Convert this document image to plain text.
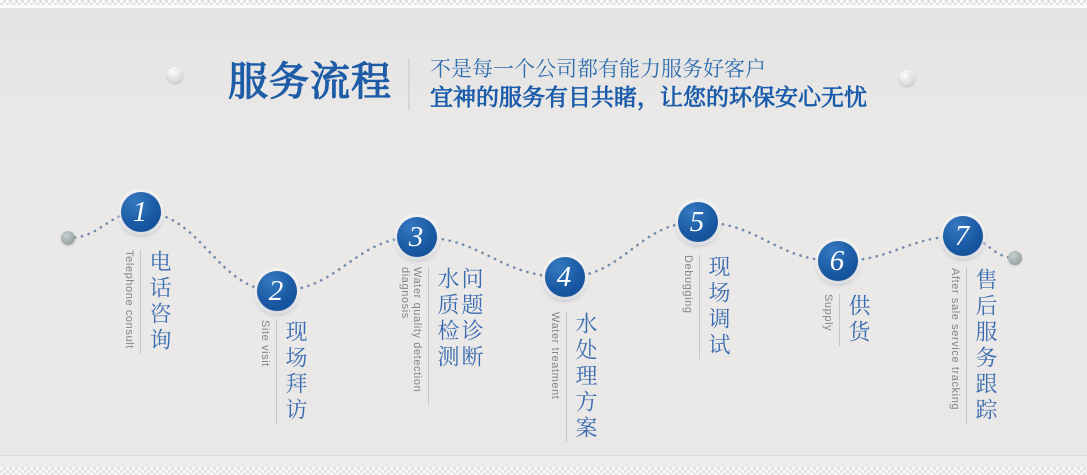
服务流程 不是每一个公司都有能力服务好客户
宜神的服务有目共睹，让您的环保安心无忧
1
2
3
4
5
6
7
Telephone consult 电话咨询	Site visit 现场拜访	Water quality detection diagnosis	水质检测 问题诊断	Water treatment 水处理方案
Debugging 现场调试	Supply 供货	After sale service tracking 售后服务跟踪
